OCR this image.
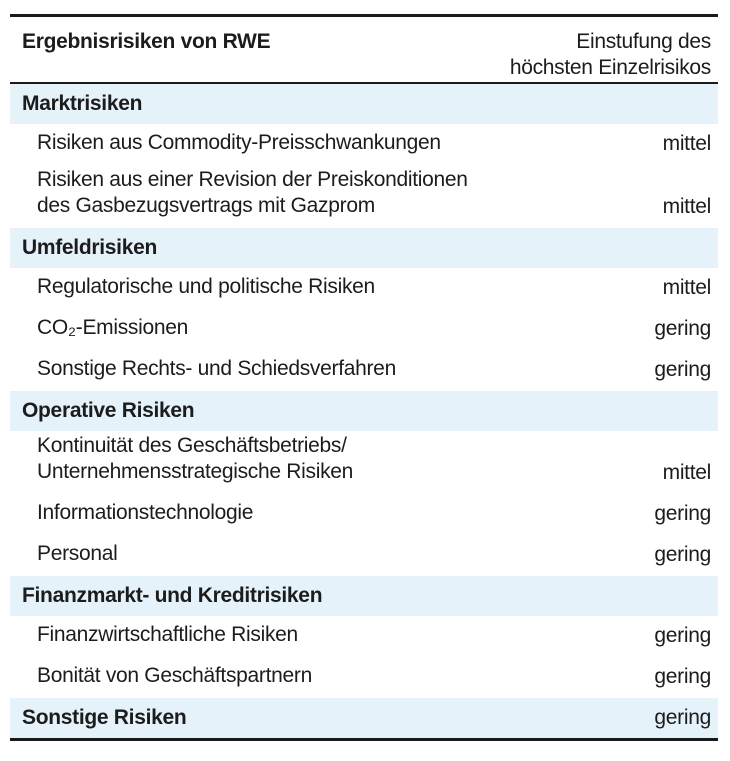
Ergebnisrisiken von RWE	Einstufung des
höchsten Einzelrisikos
Marktrisiken
Risiken aus Commodity-Preisschwankungen	mittel
Risiken aus einer Revision der Preiskonditionen
des Gasbezugsvertrags mit Gazprom	mittel
Umfeldrisiken
Regulatorische und politische Risiken	mittel
CO₂-Emissionen	gering
Sonstige Rechts- und Schiedsverfahren	gering
Operative Risiken
Kontinuität des Geschäftsbetriebs/
Unternehmensstrategische Risiken	mittel
Informationstechnologie	gering
Personal	gering
Finanzmarkt- und Kreditrisiken
Finanzwirtschaftliche Risiken	gering
Bonität von Geschäftspartnern	gering
Sonstige Risiken	gering
